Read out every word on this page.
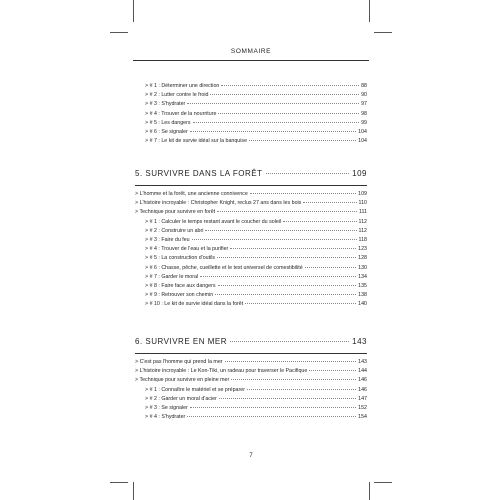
SOMMAIRE
> # 1 : Déterminer une direction	88
> # 2 : Lutter contre le froid	90
> # 3 : S'hydrater	97
> # 4 : Trouver de la nourriture	98
> # 5 : Les dangers	99
> # 6 : Se signaler	104
> # 7 : Le kit de survie idéal sur la banquise	104
5. SURVIVRE DANS LA FORÊT	109
> L'homme et la forêt, une ancienne connivence	109
> L'histoire incroyable : Christopher Knight, reclus 27 ans dans les bois	110
> Technique pour survivre en forêt	111
> # 1 : Calculer le temps restant avant le coucher du soleil	112
> # 2 : Construire un abri	112
> # 3 : Faire du feu	118
> # 4 : Trouver de l'eau et la purifier	123
> # 5 : La construction d'outils	128
> # 6 : Chasse, pêche, cueillette et le test universel de comestibilité	130
> # 7 : Garder le moral	134
> # 8 : Faire face aux dangers	135
> # 9 : Retrouver son chemin	138
> # 10 : Le kit de survie idéal dans la forêt	140
6. SURVIVRE EN MER	143
> C'est pas l'homme qui prend la mer	143
> L'histoire incroyable : Le Kon-Tiki, un radeau pour traverser le Pacifique	144
> Technique pour survivre en pleine mer	146
> # 1 : Connaître le matériel et se préparer	146
> # 2 : Garder un moral d'acier	147
> # 3 : Se signaler	152
> # 4 : S'hydrater	154
7
